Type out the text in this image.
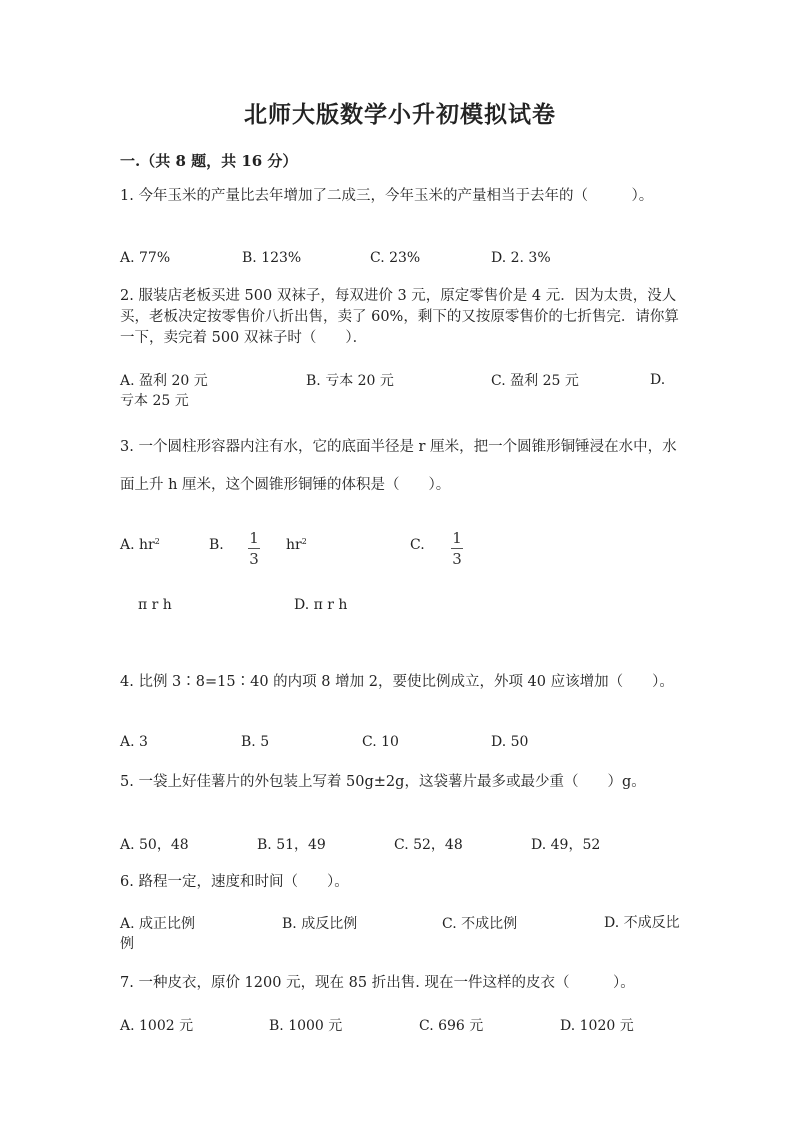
北师大版数学小升初模拟试卷
一.（共 8 题，共 16 分）
1. 今年玉米的产量比去年增加了二成三，今年玉米的产量相当于去年的（　　　）。
A. 77%	B. 123%	C. 23%	D. 2. 3%
2. 服装店老板买进 500 双袜子，每双进价 3 元，原定零售价是 4 元．因为太贵，没人买，老板决定按零售价八折出售，卖了 60%，剩下的又按原零售价的七折售完．请你算一下，卖完着 500 双袜子时（　　）．
A. 盈利 20 元	B. 亏本 20 元	C. 盈利 25 元	D. 亏本 25 元
3. 一个圆柱形容器内注有水，它的底面半径是 r 厘米，把一个圆锥形铜锤浸在水中，水面上升 h 厘米，这个圆锥形铜锤的体积是（　　）。
A. $hr^2$	B. 1
3
$hr^2$	C. 1
3
π r h	D. π r h
4. 比例 3∶8=15∶40 的内项 8 增加 2，要使比例成立，外项 40 应该增加（　　）。
A. 3	B. 5	C. 10	D. 50
5. 一袋上好佳薯片的外包装上写着 50g±2g，这袋薯片最多或最少重（　　）g。
A. 50，48	B. 51，49	C. 52，48	D. 49，52
6. 路程一定，速度和时间（　　）。
A. 成正比例	B. 成反比例	C. 不成比例	D. 不成反比例
7. 一种皮衣，原价 1200 元，现在 85 折出售. 现在一件这样的皮衣（　　　）。
A. 1002 元	B. 1000 元	C. 696 元	D. 1020 元
